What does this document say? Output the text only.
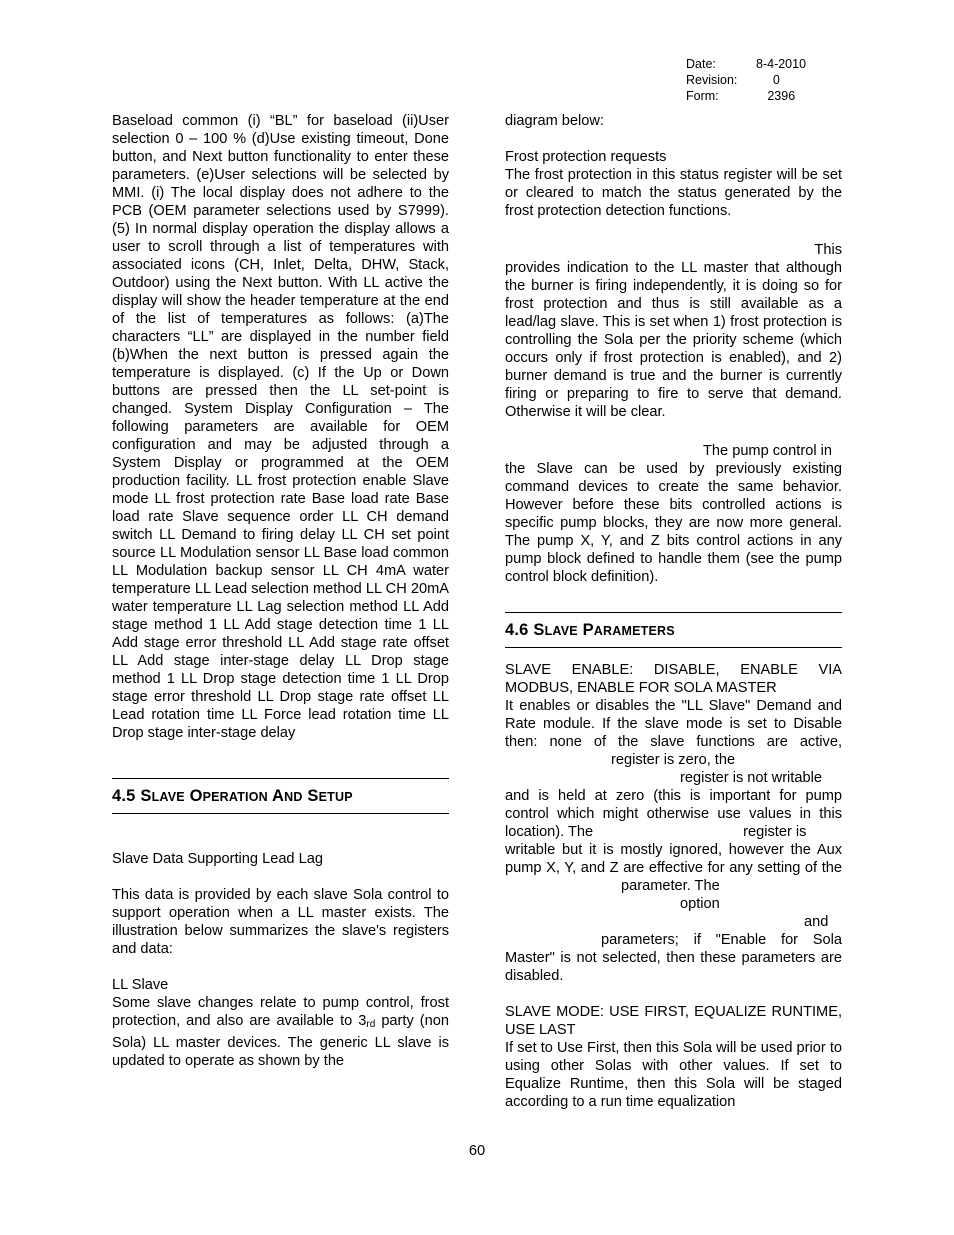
Date:	8-4-2010
Revision:	0
Form:	2396

Baseload common (i) “BL” for baseload (ii)User selection 0 – 100 % (d)Use existing timeout, Done button, and Next button functionality to enter these parameters. (e)User selections will be selected by MMI. (i) The local display does not adhere to the PCB (OEM parameter selections used by S7999). (5) In normal display operation the display allows a user to scroll through a list of temperatures with associated icons (CH, Inlet, Delta, DHW, Stack, Outdoor) using the Next button. With LL active the display will show the header temperature at the end of the list of temperatures as follows: (a)The characters “LL” are displayed in the number field (b)When the next button is pressed again the temperature is displayed. (c) If the Up or Down buttons are pressed then the LL set-point is changed. System Display Configuration – The following parameters are available for OEM configuration and may be adjusted through a System Display or programmed at the OEM production facility. LL frost protection enable Slave mode LL frost protection rate Base load rate Base load rate Slave sequence order LL CH demand switch LL Demand to firing delay LL CH set point source LL Modulation sensor LL Base load common LL Modulation backup sensor LL CH 4mA water temperature LL Lead selection method LL CH 20mA water temperature LL Lag selection method LL Add stage method 1 LL Add stage detection time 1 LL Add stage error threshold LL Add stage rate offset LL Add stage inter-stage delay LL Drop stage method 1 LL Drop stage detection time 1 LL Drop stage error threshold LL Drop stage rate offset LL Lead rotation time LL Force lead rotation time LL Drop stage inter-stage delay

4.5 SLAVE OPERATION AND SETUP

Slave Data Supporting Lead Lag

This data is provided by each slave Sola control to support operation when a LL master exists. The illustration below summarizes the slave's registers and data:

LL Slave

Some slave changes relate to pump control, frost protection, and also are available to $3_{rd}$ party (non Sola) LL master devices. The generic LL slave is updated to operate as shown by the

diagram below:

Frost protection requests

The frost protection in this status register will be set or cleared to match the status generated by the frost protection detection functions.

This

provides indication to the LL master that although the burner is firing independently, it is doing so for frost protection and thus is still available as a lead/lag slave. This is set when 1) frost protection is controlling the Sola per the priority scheme (which occurs only if frost protection is enabled), and 2) burner demand is true and the burner is currently firing or preparing to fire to serve that demand. Otherwise it will be clear.

The pump control in

the Slave can be used by previously existing command devices to create the same behavior. However before these bits controlled actions is specific pump blocks, they are now more general. The pump X, Y, and Z bits control actions in any pump block defined to handle them (see the pump control block definition).

4.6 SLAVE PARAMETERS

SLAVE ENABLE: DISABLE, ENABLE VIA MODBUS, ENABLE FOR SOLA MASTER

It enables or disables the "LL Slave" Demand and Rate module. If the slave mode is set to Disable then: none of the slave functions are active,register is zero, the

register is not writable

and is held at zero (this is important for pump control which might otherwise use values in this location). The	register is

writable but it is mostly ignored, however the Aux pump X, Y, and Z are effective for any setting of theparameter. The

optionand

parameters; if "Enable for Sola Master" is not selected, then these parameters are disabled.

SLAVE MODE: USE FIRST, EQUALIZE RUNTIME, USE LAST

If set to Use First, then this Sola will be used prior to using other Solas with other values. If set to Equalize Runtime, then this Sola will be staged according to a run time equalization

60
